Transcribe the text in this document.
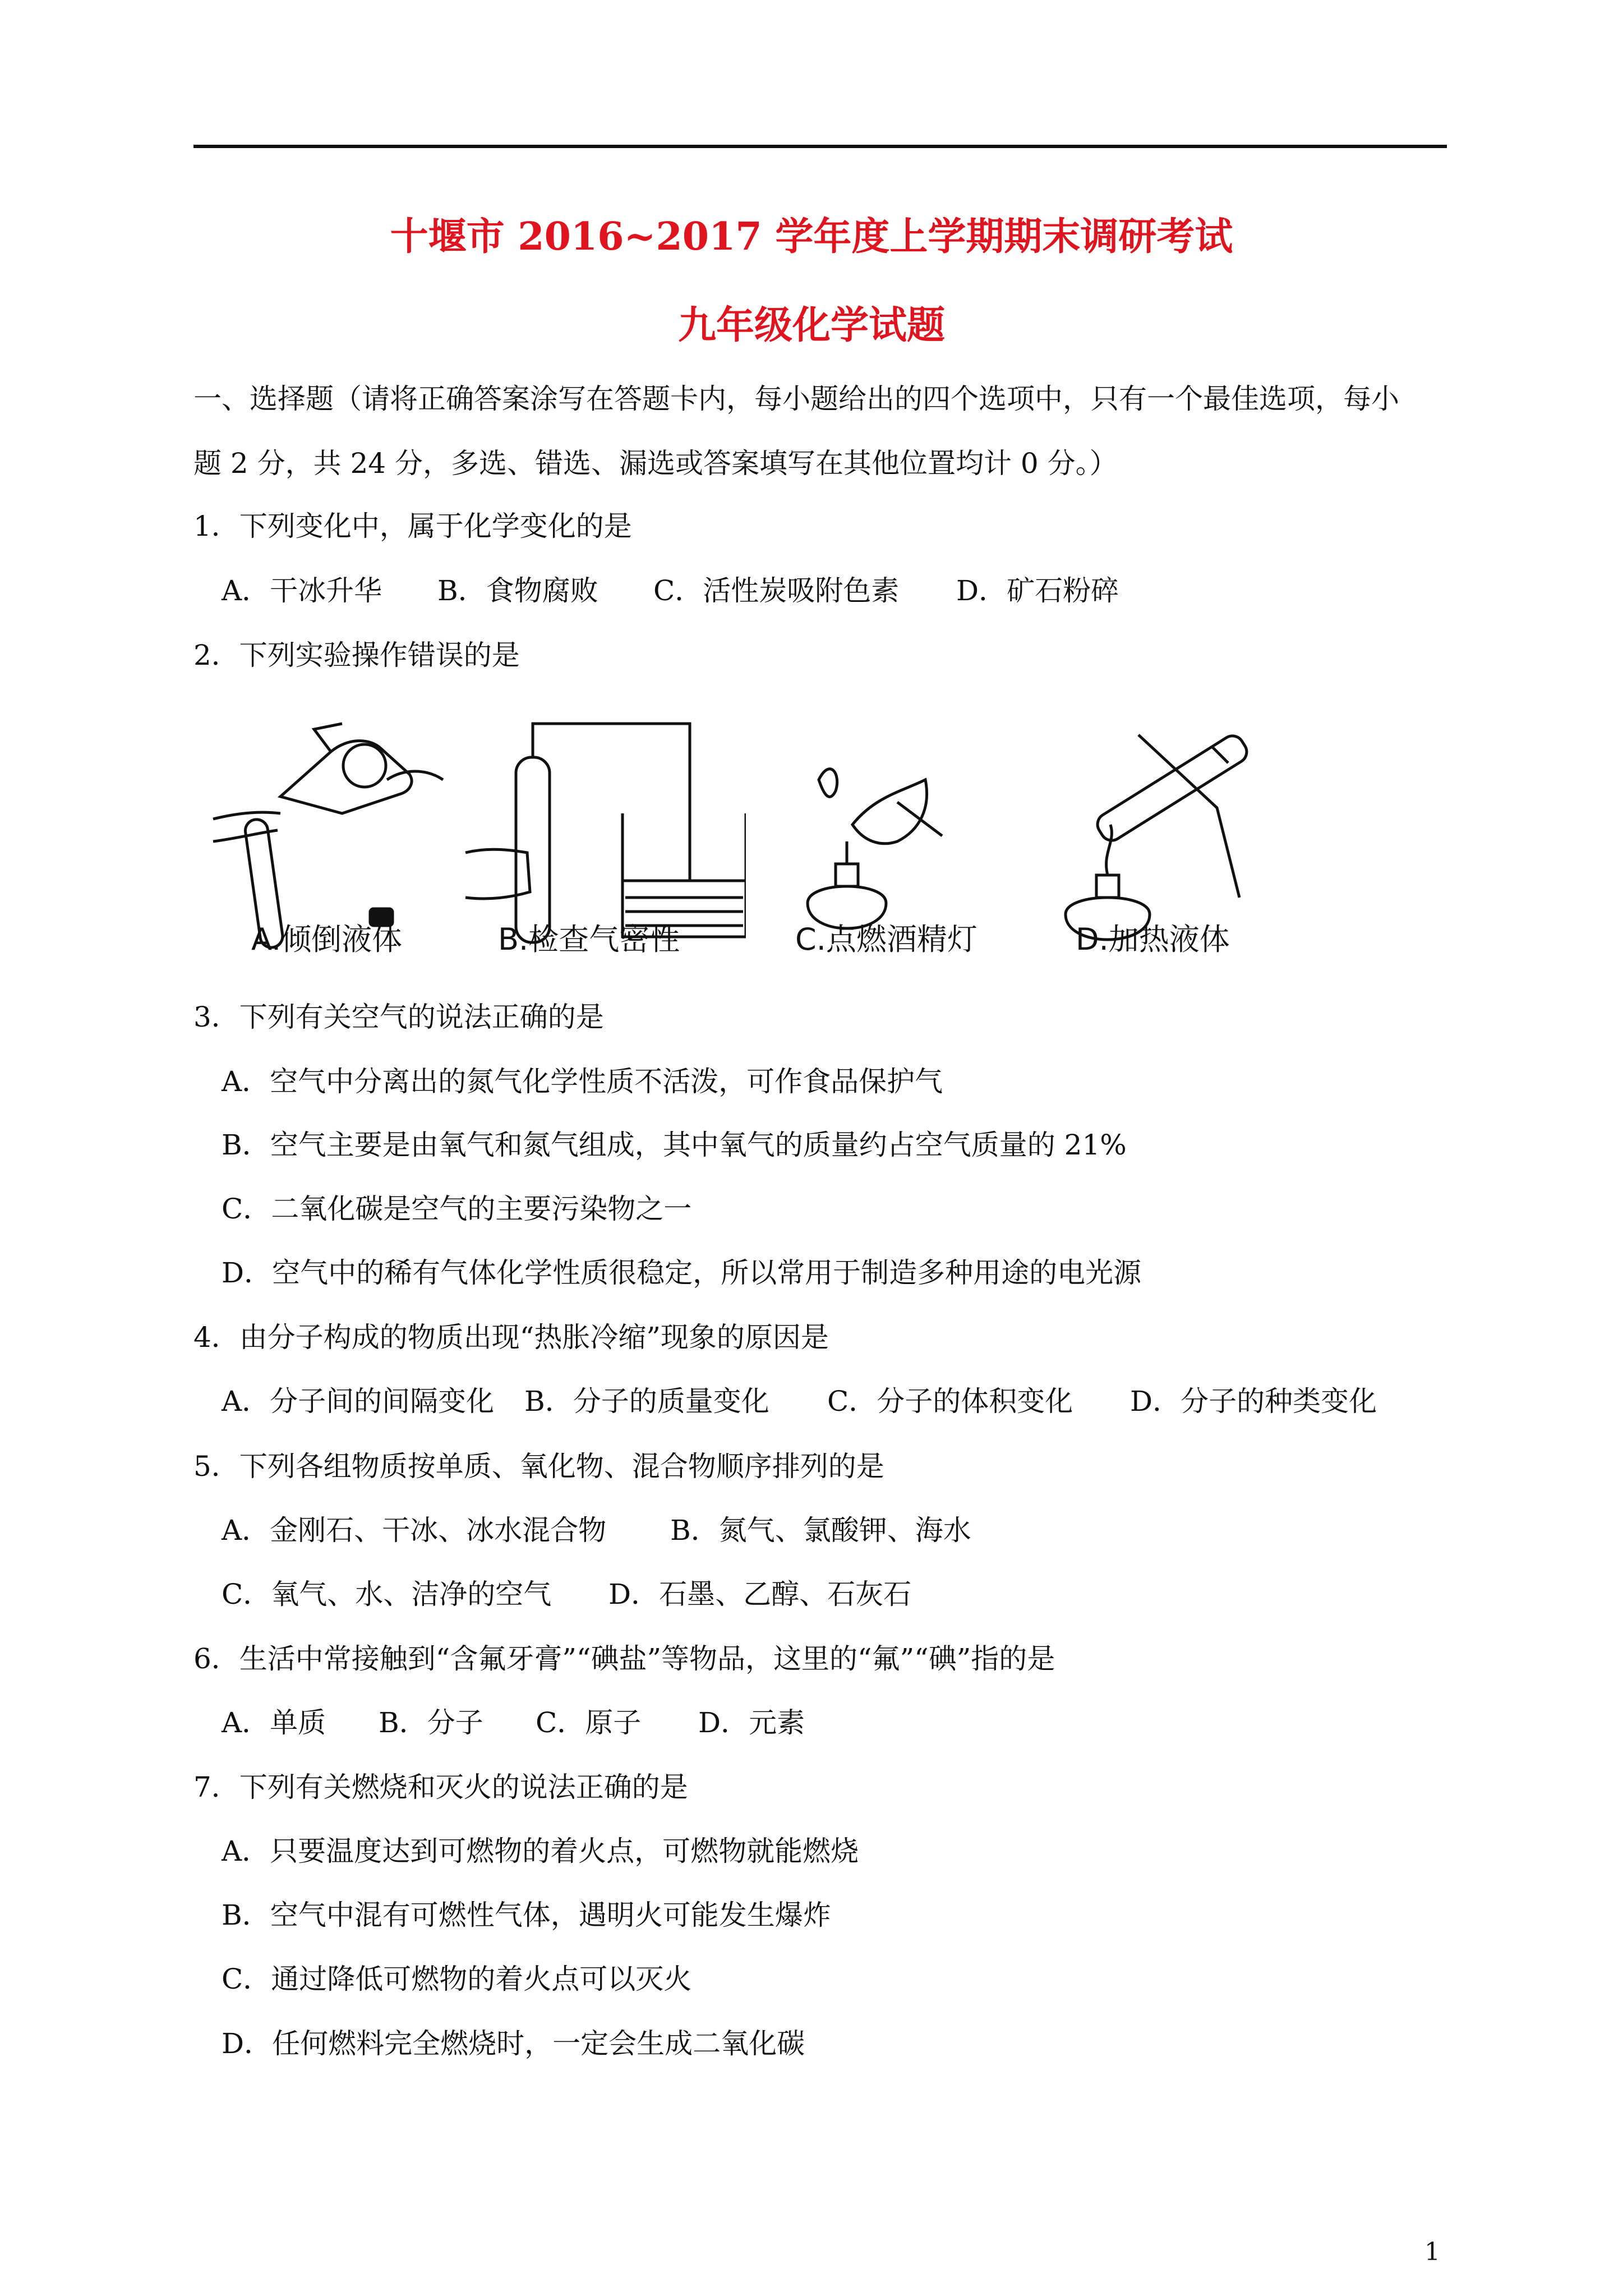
十堰市 2016~2017 学年度上学期期末调研考试
九年级化学试题
一、选择题（请将正确答案涂写在答题卡内，每小题给出的四个选项中，只有一个最佳选项，每小
题 2 分，共 24 分，多选、错选、漏选或答案填写在其他位置均计 0 分。）
1．下列变化中，属于化学变化的是
A．干冰升华 B．食物腐败 C．活性炭吸附色素 D．矿石粉碎
2．下列实验操作错误的是
A.倾倒液体	B.检查气密性	C.点燃酒精灯	D.加热液体
3．下列有关空气的说法正确的是
A．空气中分离出的氮气化学性质不活泼，可作食品保护气
B．空气主要是由氧气和氮气组成，其中氧气的质量约占空气质量的 21%
C．二氧化碳是空气的主要污染物之一
D．空气中的稀有气体化学性质很稳定，所以常用于制造多种用途的电光源
4．由分子构成的物质出现“热胀冷缩”现象的原因是
A．分子间的间隔变化 B．分子的质量变化 C．分子的体积变化 D．分子的种类变化
5．下列各组物质按单质、氧化物、混合物顺序排列的是
A．金刚石、干冰、冰水混合物 B．氮气、氯酸钾、海水
C．氧气、水、洁净的空气 D．石墨、乙醇、石灰石
6．生活中常接触到“含氟牙膏”“碘盐”等物品，这里的“氟”“碘”指的是
A．单质 B．分子 C．原子 D．元素
7．下列有关燃烧和灭火的说法正确的是
A．只要温度达到可燃物的着火点，可燃物就能燃烧
B．空气中混有可燃性气体，遇明火可能发生爆炸
C．通过降低可燃物的着火点可以灭火
D．任何燃料完全燃烧时，一定会生成二氧化碳
1
